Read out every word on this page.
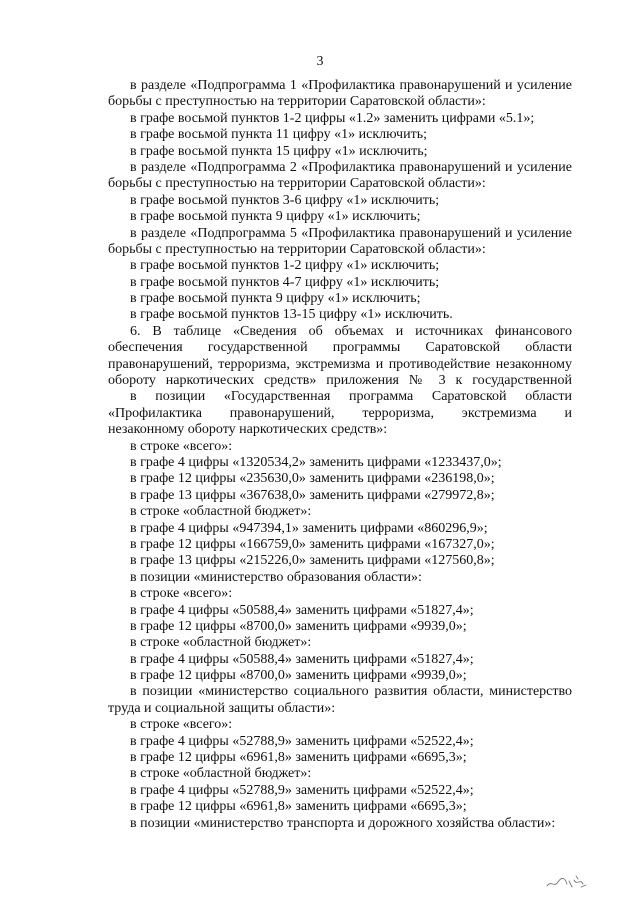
3
в разделе «Подпрограмма 1 «Профилактика правонарушений и усиление
борьбы с преступностью на территории Саратовской области»:
в графе восьмой пунктов 1-2 цифры «1.2» заменить цифрами «5.1»;
в графе восьмой пункта 11 цифру «1» исключить;
в графе восьмой пункта 15 цифру «1» исключить;
в разделе «Подпрограмма 2 «Профилактика правонарушений и усиление
борьбы с преступностью на территории Саратовской области»:
в графе восьмой пунктов 3-6 цифру «1» исключить;
в графе восьмой пункта 9 цифру «1» исключить;
в разделе «Подпрограмма 5 «Профилактика правонарушений и усиление
борьбы с преступностью на территории Саратовской области»:
в графе восьмой пунктов 1-2 цифру «1» исключить;
в графе восьмой пунктов 4-7 цифру «1» исключить;
в графе восьмой пункта 9 цифру «1» исключить;
в графе восьмой пунктов 13-15 цифру «1» исключить.
6. В таблице «Сведения об объемах и источниках финансового
обеспечения государственной программы Саратовской области
правонарушений, терроризма, экстремизма и противодействие незаконному
обороту наркотических средств» приложения № 3 к государственной
в позиции «Государственная программа Саратовской области
«Профилактика правонарушений, терроризма, экстремизма и
незаконному обороту наркотических средств»:
в строке «всего»:
в графе 4 цифры «1320534,2» заменить цифрами «1233437,0»;
в графе 12 цифры «235630,0» заменить цифрами «236198,0»;
в графе 13 цифры «367638,0» заменить цифрами «279972,8»;
в строке «областной бюджет»:
в графе 4 цифры «947394,1» заменить цифрами «860296,9»;
в графе 12 цифры «166759,0» заменить цифрами «167327,0»;
в графе 13 цифры «215226,0» заменить цифрами «127560,8»;
в позиции «министерство образования области»:
в строке «всего»:
в графе 4 цифры «50588,4» заменить цифрами «51827,4»;
в графе 12 цифры «8700,0» заменить цифрами «9939,0»;
в строке «областной бюджет»:
в графе 4 цифры «50588,4» заменить цифрами «51827,4»;
в графе 12 цифры «8700,0» заменить цифрами «9939,0»;
в позиции «министерство социального развития области, министерство
труда и социальной защиты области»:
в строке «всего»:
в графе 4 цифры «52788,9» заменить цифрами «52522,4»;
в графе 12 цифры «6961,8» заменить цифрами «6695,3»;
в строке «областной бюджет»:
в графе 4 цифры «52788,9» заменить цифрами «52522,4»;
в графе 12 цифры «6961,8» заменить цифрами «6695,3»;
в позиции «министерство транспорта и дорожного хозяйства области»:
